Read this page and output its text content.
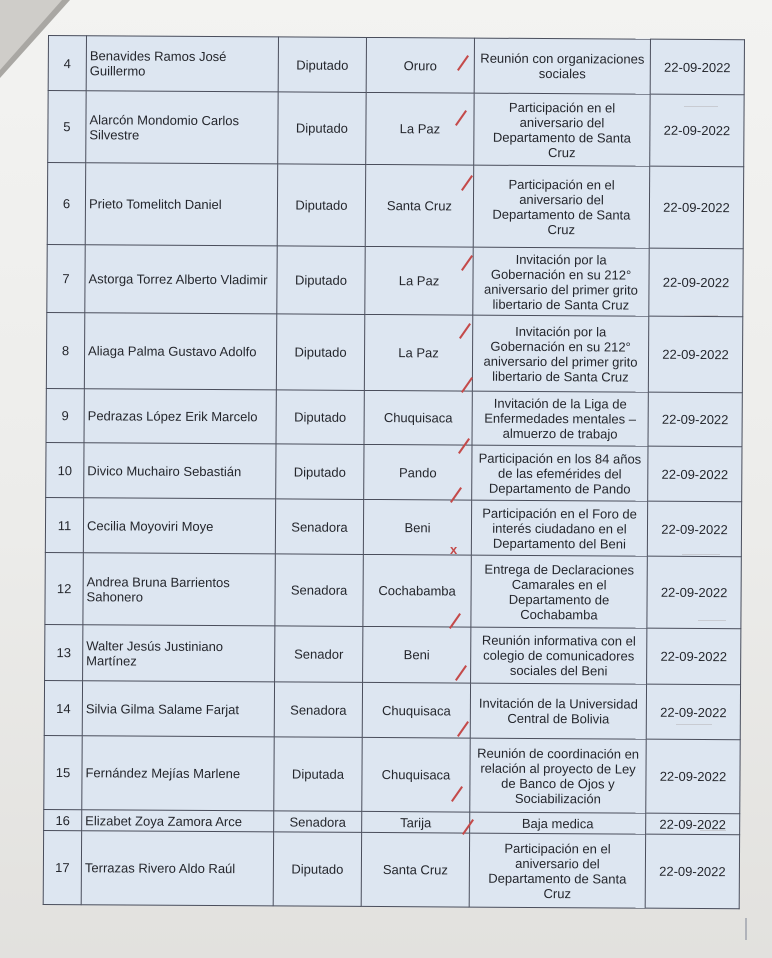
4	Benavides Ramos José Guillermo	Diputado	Oruro	Reunión con organizaciones sociales	22-09-2022
5	Alarcón Mondomio Carlos Silvestre	Diputado	La Paz	Participación en el aniversario del Departamento de Santa Cruz	22-09-2022
6	Prieto Tomelitch Daniel	Diputado	Santa Cruz	Participación en el aniversario del Departamento de Santa Cruz	22-09-2022
7	Astorga Torrez Alberto Vladimir	Diputado	La Paz	Invitación por la Gobernación en su 212° aniversario del primer grito libertario de Santa Cruz	22-09-2022
8	Aliaga Palma Gustavo Adolfo	Diputado	La Paz	Invitación por la Gobernación en su 212° aniversario del primer grito libertario de Santa Cruz	22-09-2022
9	Pedrazas López Erik Marcelo	Diputado	Chuquisaca	Invitación de la Liga de Enfermedades mentales – almuerzo de trabajo	22-09-2022
10	Divico Muchairo Sebastián	Diputado	Pando	Participación en los 84 años de las efemérides del Departamento de Pando	22-09-2022
11	Cecilia Moyoviri Moye	Senadora	Beni	Participación en el Foro de interés ciudadano en el Departamento del Beni	22-09-2022
12	Andrea Bruna Barrientos Sahonero	Senadora	Cochabamba	Entrega de Declaraciones Camarales en el Departamento de Cochabamba	22-09-2022
13	Walter Jesús Justiniano Martínez	Senador	Beni	Reunión informativa con el colegio de comunicadores sociales del Beni	22-09-2022
14	Silvia Gilma Salame Farjat	Senadora	Chuquisaca	Invitación de la Universidad Central de Bolivia	22-09-2022
15	Fernández Mejías Marlene	Diputada	Chuquisaca	Reunión de coordinación en relación al proyecto de Ley de Banco de Ojos y Sociabilización	22-09-2022
16	Elizabet Zoya Zamora Arce	Senadora	Tarija	Baja medica	22-09-2022
17	Terrazas Rivero Aldo Raúl	Diputado	Santa Cruz	Participación en el aniversario del Departamento de Santa Cruz	22-09-2022
x
